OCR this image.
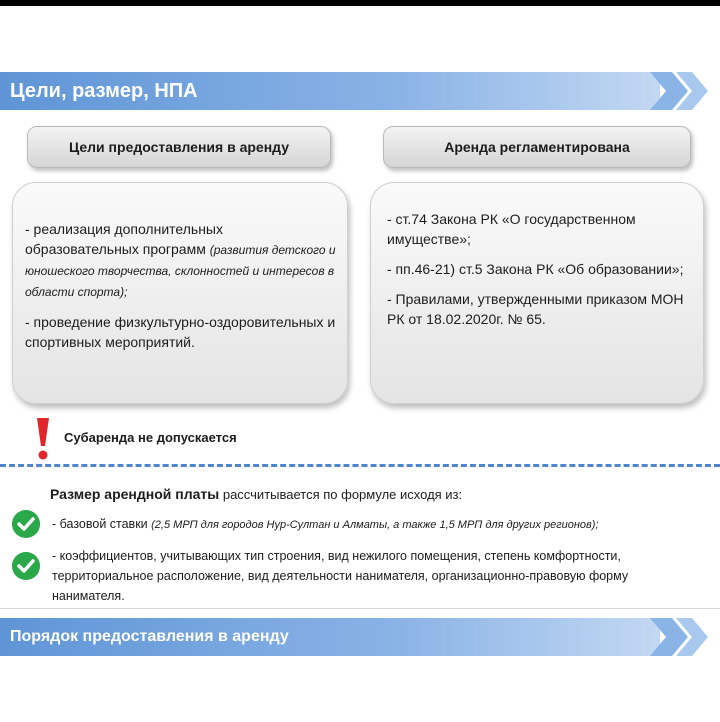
Цели, размер, НПА
Цели предоставления в аренду

- реализация дополнительных образовательных программ (развития детского и юношеского творчества, склонностей и интересов в области спорта);

- проведение физкультурно-оздоровительных и спортивных мероприятий.

Аренда регламентирована

- ст.74 Закона РК «О государственном имуществе»;

- пп.46-21) ст.5 Закона РК «Об образовании»;

- Правилами, утвержденными приказом МОН РК от 18.02.2020г. № 65.

Субаренда не допускается
Размер арендной платы рассчитывается по формуле исходя из:
- базовой ставки (2,5 МРП для городов Нур-Султан и Алматы, а также 1,5 МРП для других регионов);
- коэффициентов, учитывающих тип строения, вид нежилого помещения, степень комфортности, территориальное расположение, вид деятельности нанимателя, организационно-правовую форму нанимателя.
Порядок предоставления в аренду
